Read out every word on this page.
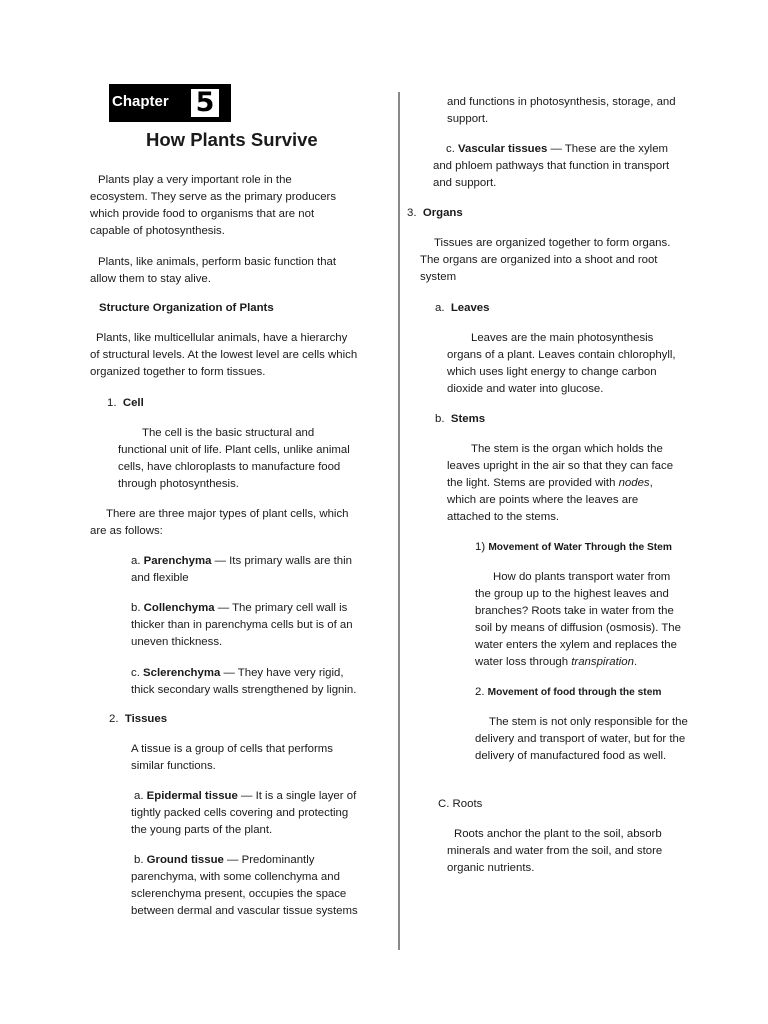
Chapter 5
How Plants Survive

Plants play a very important role in the ecosystem. They serve as the primary producers which provide food to organisms that are not capable of photosynthesis.

Plants, like animals, perform basic function that allow them to stay alive.

Structure Organization of Plants

Plants, like multicellular animals, have a hierarchy of structural levels. At the lowest level are cells which organized together to form tissues.

1. Cell

The cell is the basic structural and functional unit of life. Plant cells, unlike animal cells, have chloroplasts to manufacture food through photosynthesis.

There are three major types of plant cells, which are as follows:

a. Parenchyma — Its primary walls are thin and flexible

b. Collenchyma — The primary cell wall is thicker than in parenchyma cells but is of an uneven thickness.

c. Sclerenchyma — They have very rigid, thick secondary walls strengthened by lignin.

2. Tissues

A tissue is a group of cells that performs similar functions.

a. Epidermal tissue — It is a single layer of tightly packed cells covering and protecting the young parts of the plant.

b. Ground tissue — Predominantly parenchyma, with some collenchyma and sclerenchyma present, occupies the space between dermal and vascular tissue systems

and functions in photosynthesis, storage, and support.

c. Vascular tissues — These are the xylem and phloem pathways that function in transport and support.

3. Organs

Tissues are organized together to form organs. The organs are organized into a shoot and root system

a. Leaves

Leaves are the main photosynthesis organs of a plant. Leaves contain chlorophyll, which uses light energy to change carbon dioxide and water into glucose.

b. Stems

The stem is the organ which holds the leaves upright in the air so that they can face the light. Stems are provided with nodes, which are points where the leaves are attached to the stems.

1) Movement of Water Through the Stem

How do plants transport water from the group up to the highest leaves and branches? Roots take in water from the soil by means of diffusion (osmosis). The water enters the xylem and replaces the water loss through transpiration.

2. Movement of food through the stem

The stem is not only responsible for the delivery and transport of water, but for the delivery of manufactured food as well.

C. Roots

Roots anchor the plant to the soil, absorb minerals and water from the soil, and store organic nutrients.
